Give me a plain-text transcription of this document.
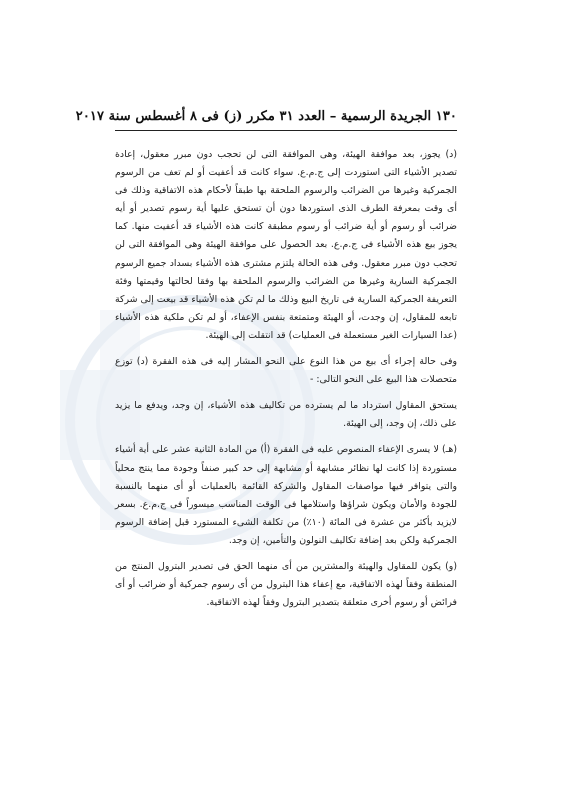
١٣٠ الجريدة الرسمية – العدد ٣١ مكرر (ز) فى ٨ أغسطس سنة ٢٠١٧

(د) يجوز، بعد موافقة الهيئة، وهى الموافقة التى لن تحجب دون مبرر معقول، إعادة تصدير الأشياء التى استوردت إلى ج.م.ع. سواء كانت قد أعفيت أو لم تعف من الرسوم الجمركية وغيرها من الضرائب والرسوم الملحقة بها طبقاً لأحكام هذه الاتفاقية وذلك فى أى وقت بمعرفة الطرف الذى استوردها دون أن تستحق عليها أية رسوم تصدير أو أيه ضرائب أو رسوم أو أية ضرائب أو رسوم مطبقة كانت هذه الأشياء قد أعفيت منها. كما يجوز بيع هذه الأشياء فى ج.م.ع. بعد الحصول على موافقة الهيئة وهى الموافقة التى لن تحجب دون مبرر معقول. وفى هذه الحالة يلتزم مشترى هذه الأشياء بسداد جميع الرسوم الجمركية السارية وغيرها من الضرائب والرسوم الملحقة بها وفقا لحالتها وقيمتها وفئة التعريفة الجمركية السارية فى تاريخ البيع وذلك ما لم تكن هذه الأشياء قد بيعت إلى شركة تابعه للمقاول، إن وجدت، أو الهيئة ومتمتعة بنفس الإعفاء، أو لم تكن ملكية هذه الأشياء (عدا السيارات الغير مستعملة فى العمليات) قد انتقلت إلى الهيئة.

وفى حالة إجراء أى بيع من هذا النوع على النحو المشار إليه فى هذه الفقرة (د) توزع متحصلات هذا البيع على النحو التالى: -

يستحق المقاول استرداد ما لم يسترده من تكاليف هذه الأشياء، إن وجد، ويدفع ما يزيد على ذلك، إن وجد، إلى الهيئة.

(هـ) لا يسرى الإعفاء المنصوص عليه فى الفقرة (أ) من المادة الثانية عشر على أية أشياء مستوردة إذا كانت لها نظائر مشابهة أو مشابهة إلى حد كبير صنفاً وجودة مما ينتج محلياً والتى يتوافر فيها مواصفات المقاول والشركة القائمة بالعمليات أو أى منهما بالنسبة للجودة والأمان ويكون شراؤها واستلامها فى الوقت المناسب ميسوراً فى ج.م.ع. بسعر لايزيد بأكثر من عشرة فى المائة (١٠٪) من تكلفة الشىء المستورد قبل إضافة الرسوم الجمركية ولكن بعد إضافة تكاليف النولون والتأمين، إن وجد.

(و) يكون للمقاول والهيئة والمشترين من أى منهما الحق فى تصدير البترول المنتج من المنطقة وفقاً لهذه الاتفاقية، مع إعفاء هذا البترول من أى رسوم جمركية أو ضرائب أو أى فرائض أو رسوم أخرى متعلقة بتصدير البترول وفقاً لهذه الاتفاقية.
